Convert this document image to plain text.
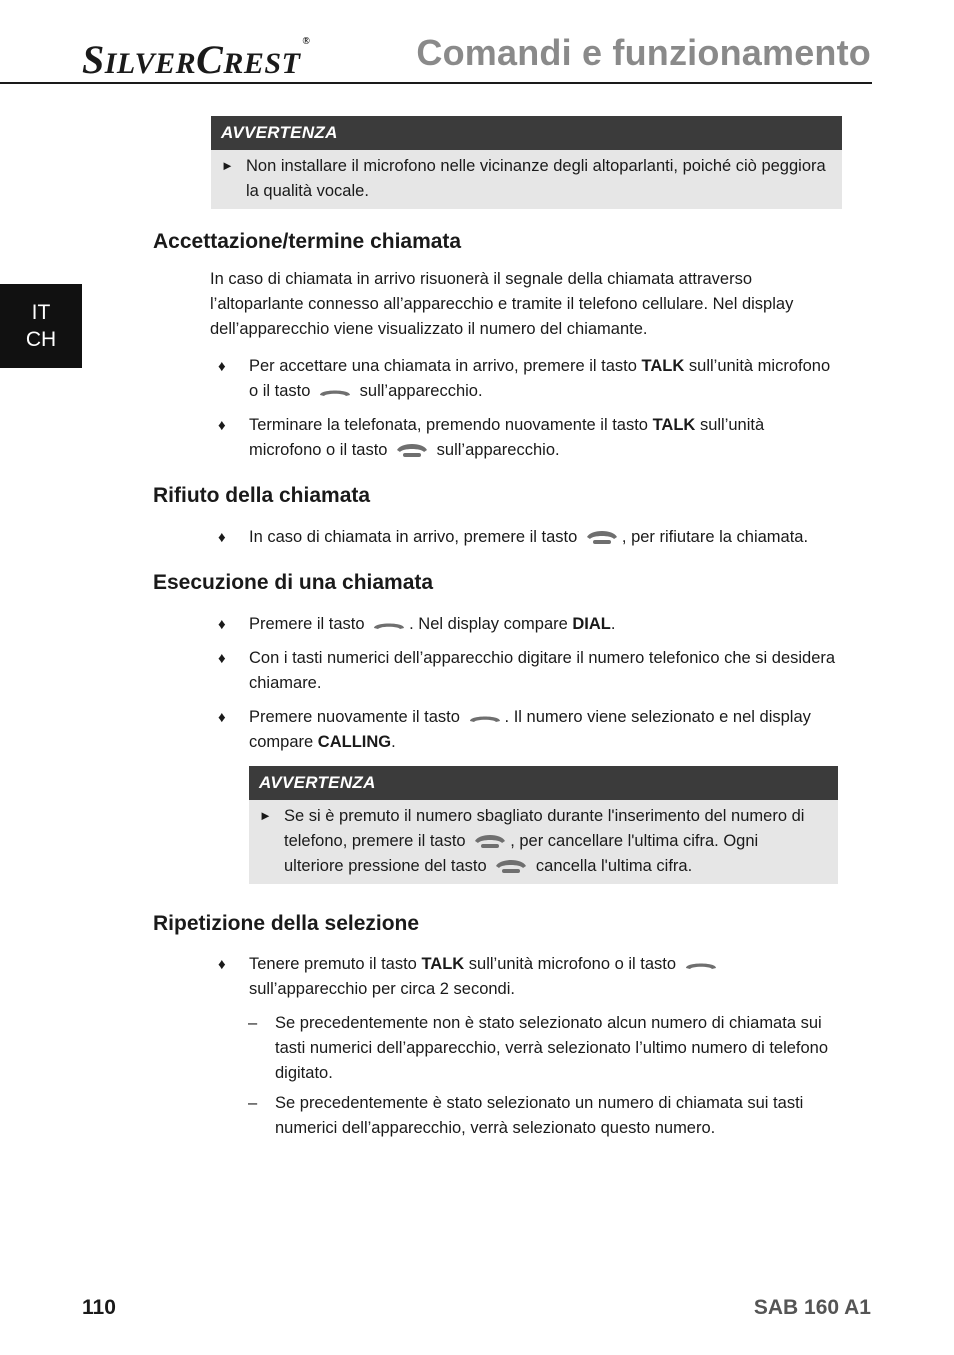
SILVERCREST®	Comandi e funzionamento
IT
CH
AVVERTENZA
► Non installare il microfono nelle vicinanze degli altoparlanti, poiché ciò peggiora la qualità vocale.
Accettazione/termine chiamata
In caso di chiamata in arrivo risuonerà il segnale della chiamata attraverso l’altoparlante connesso all’apparecchio e tramite il telefono cellulare. Nel display dell’apparecchio viene visualizzato il numero del chiamante.
♦ Per accettare una chiamata in arrivo, premere il tasto TALK sull’unità microfono o il tasto	sull’apparecchio.
♦ Terminare la telefonata, premendo nuovamente il tasto TALK sull’unità microfono o il tasto	sull’apparecchio.
Rifiuto della chiamata
♦ In caso di chiamata in arrivo, premere il tasto	, per rifiutare la chiamata.
Esecuzione di una chiamata
♦ Premere il tasto	. Nel display compare DIAL.
♦ Con i tasti numerici dell’apparecchio digitare il numero telefonico che si desidera chiamare.
♦ Premere nuovamente il tasto	. Il numero viene selezionato e nel display compare CALLING.
AVVERTENZA
► Se si è premuto il numero sbagliato durante l'inserimento del numero di telefono, premere il tasto	, per cancellare l'ultima cifra. Ogni ulteriore pressione del tasto	cancella l'ultima cifra.
Ripetizione della selezione
♦ Tenere premuto il tasto TALK sull’unità microfono o il tasto  sull’apparecchio per circa 2 secondi.
– Se precedentemente non è stato selezionato alcun numero di chiamata sui tasti numerici dell’apparecchio, verrà selezionato l’ultimo numero di telefono digitato.
– Se precedentemente è stato selezionato un numero di chiamata sui tasti numerici dell’apparecchio, verrà selezionato questo numero.
110	SAB 160 A1
